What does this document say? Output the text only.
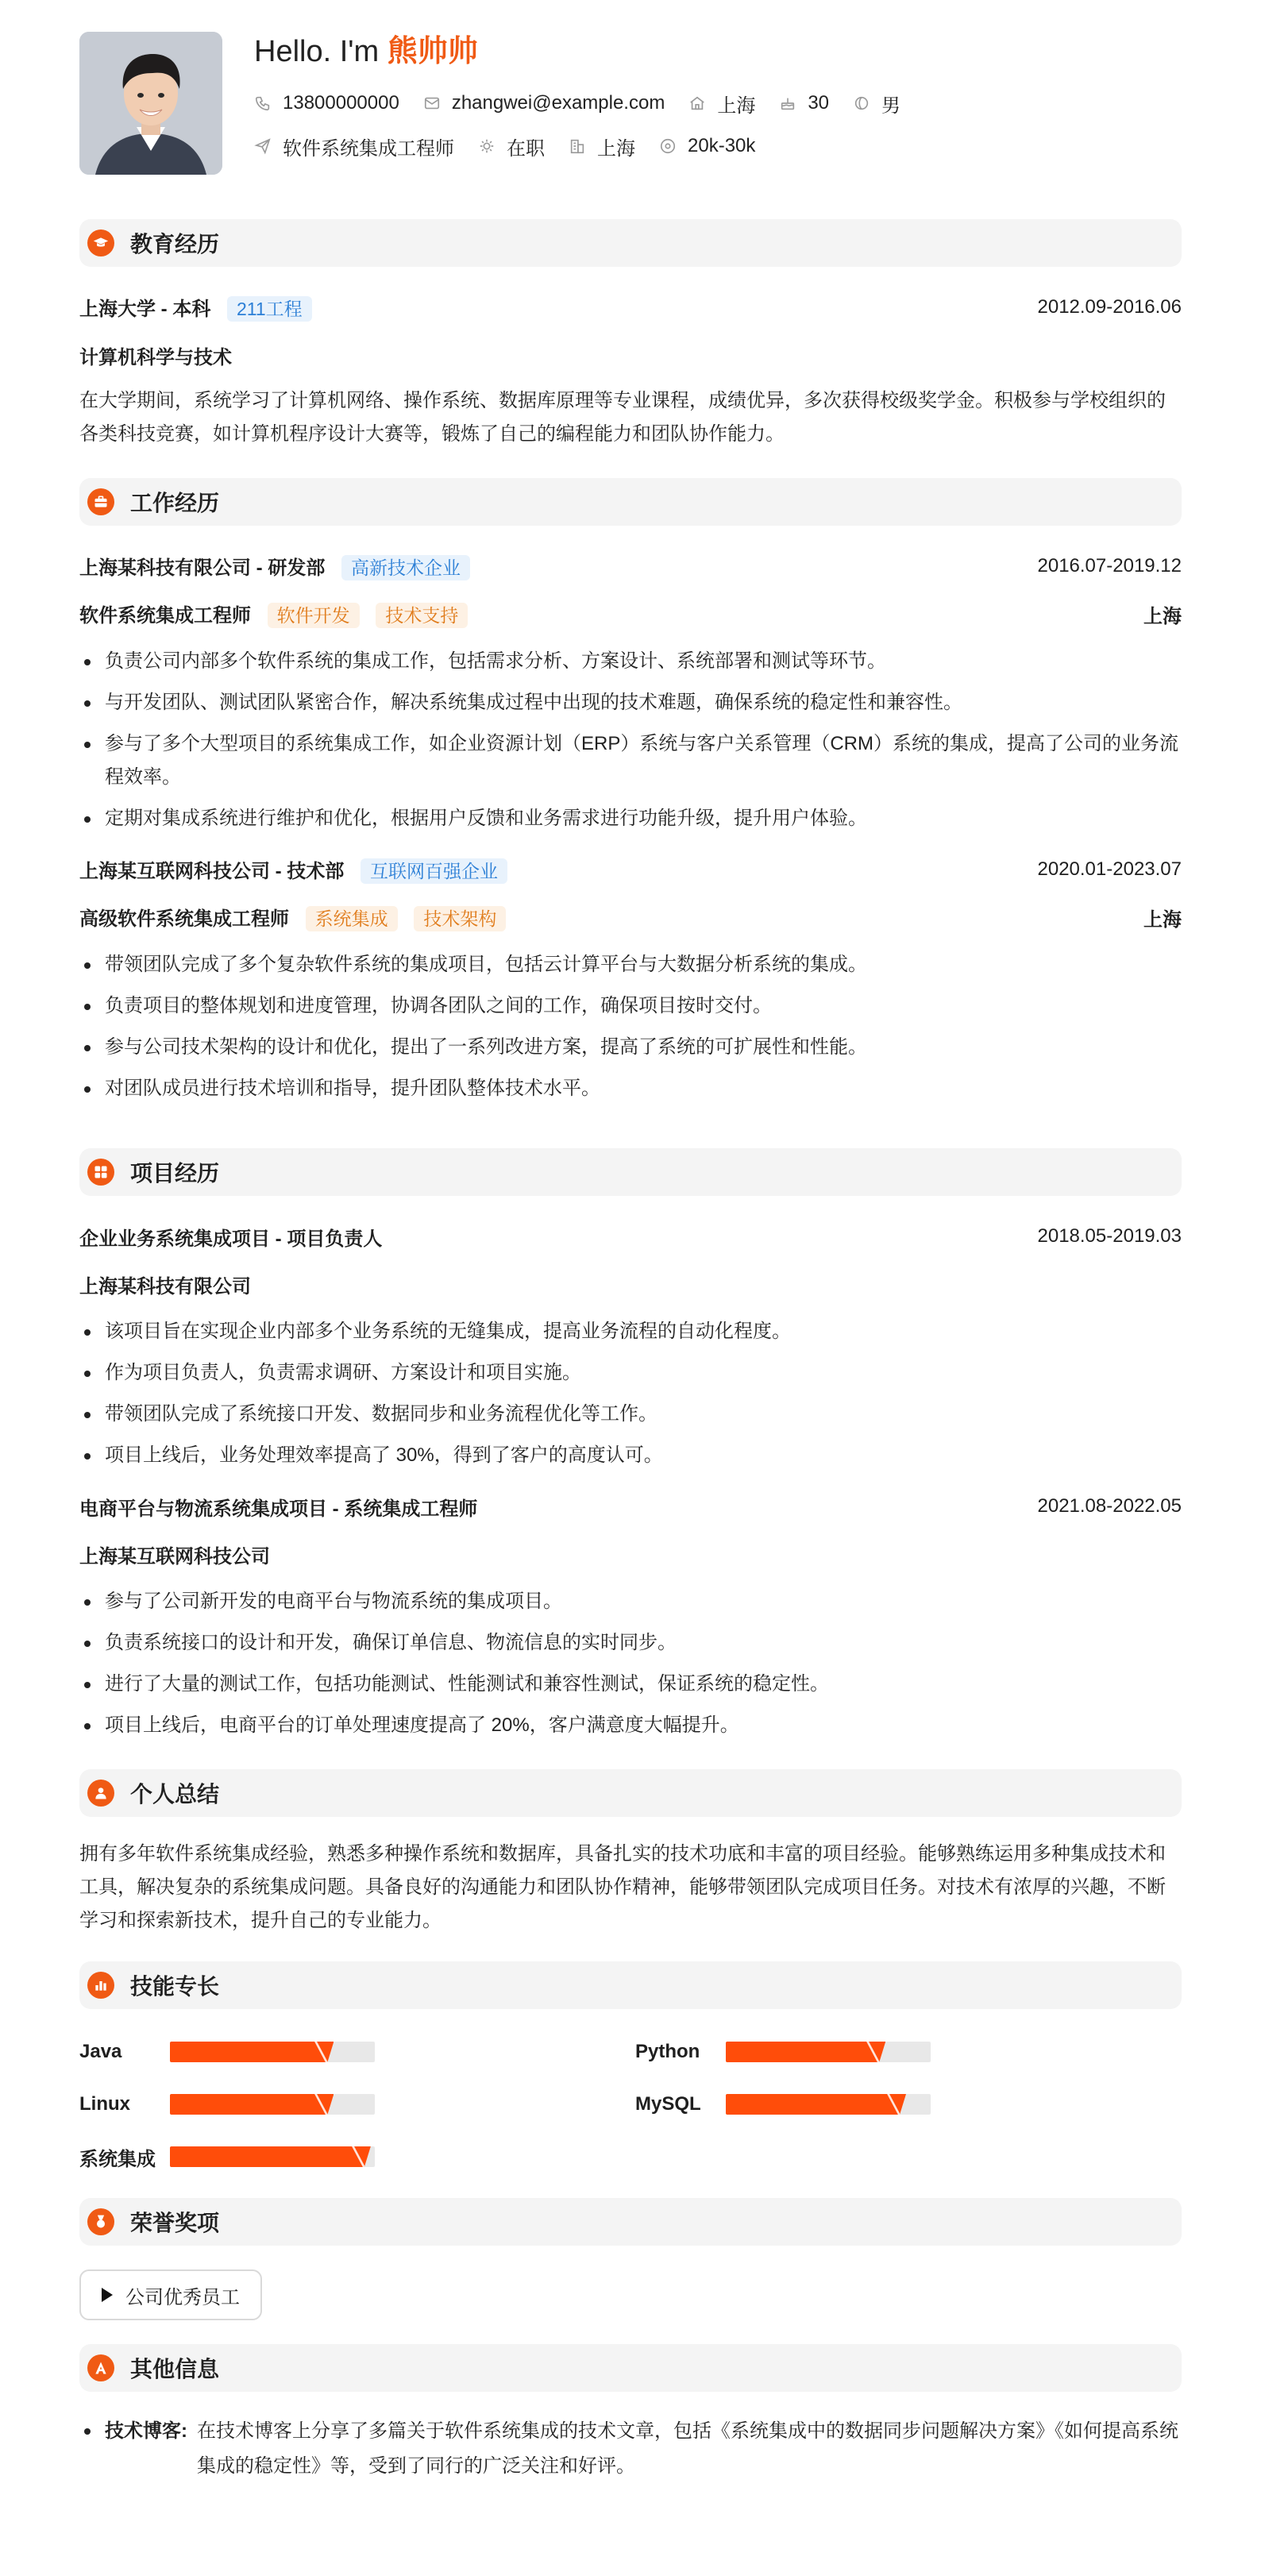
Hello. I'm 熊帅帅
13800000000	zhangwei@example.com	上海	30	男
软件系统集成工程师	在职	上海	20k-30k
教育经历
上海大学 - 本科 211工程	2012.09-2016.06
计算机科学与技术
在大学期间，系统学习了计算机网络、操作系统、数据库原理等专业课程，成绩优异，多次获得校级奖学金。积极参与学校组织的各类科技竞赛，如计算机程序设计大赛等，锻炼了自己的编程能力和团队协作能力。
工作经历
上海某科技有限公司 - 研发部 高新技术企业	2016.07-2019.12
软件系统集成工程师 软件开发 技术支持	上海
负责公司内部多个软件系统的集成工作，包括需求分析、方案设计、系统部署和测试等环节。
与开发团队、测试团队紧密合作，解决系统集成过程中出现的技术难题，确保系统的稳定性和兼容性。
参与了多个大型项目的系统集成工作，如企业资源计划（ERP）系统与客户关系管理（CRM）系统的集成，提高了公司的业务流程效率。
定期对集成系统进行维护和优化，根据用户反馈和业务需求进行功能升级，提升用户体验。
上海某互联网科技公司 - 技术部 互联网百强企业	2020.01-2023.07
高级软件系统集成工程师 系统集成 技术架构	上海
带领团队完成了多个复杂软件系统的集成项目，包括云计算平台与大数据分析系统的集成。
负责项目的整体规划和进度管理，协调各团队之间的工作，确保项目按时交付。
参与公司技术架构的设计和优化，提出了一系列改进方案，提高了系统的可扩展性和性能。
对团队成员进行技术培训和指导，提升团队整体技术水平。
项目经历
企业业务系统集成项目 - 项目负责人	2018.05-2019.03
上海某科技有限公司
该项目旨在实现企业内部多个业务系统的无缝集成，提高业务流程的自动化程度。
作为项目负责人，负责需求调研、方案设计和项目实施。
带领团队完成了系统接口开发、数据同步和业务流程优化等工作。
项目上线后，业务处理效率提高了 30%，得到了客户的高度认可。
电商平台与物流系统集成项目 - 系统集成工程师	2021.08-2022.05
上海某互联网科技公司
参与了公司新开发的电商平台与物流系统的集成项目。
负责系统接口的设计和开发，确保订单信息、物流信息的实时同步。
进行了大量的测试工作，包括功能测试、性能测试和兼容性测试，保证系统的稳定性。
项目上线后，电商平台的订单处理速度提高了 20%，客户满意度大幅提升。
个人总结
拥有多年软件系统集成经验，熟悉多种操作系统和数据库，具备扎实的技术功底和丰富的项目经验。能够熟练运用多种集成技术和工具，解决复杂的系统集成问题。具备良好的沟通能力和团队协作精神，能够带领团队完成项目任务。对技术有浓厚的兴趣，不断学习和探索新技术，提升自己的专业能力。
技能专长
Java	Python
Linux	MySQL
系统集成
荣誉奖项
公司优秀员工
其他信息
技术博客: 在技术博客上分享了多篇关于软件系统集成的技术文章，包括《系统集成中的数据同步问题解决方案》《如何提高系统集成的稳定性》等，受到了同行的广泛关注和好评。
